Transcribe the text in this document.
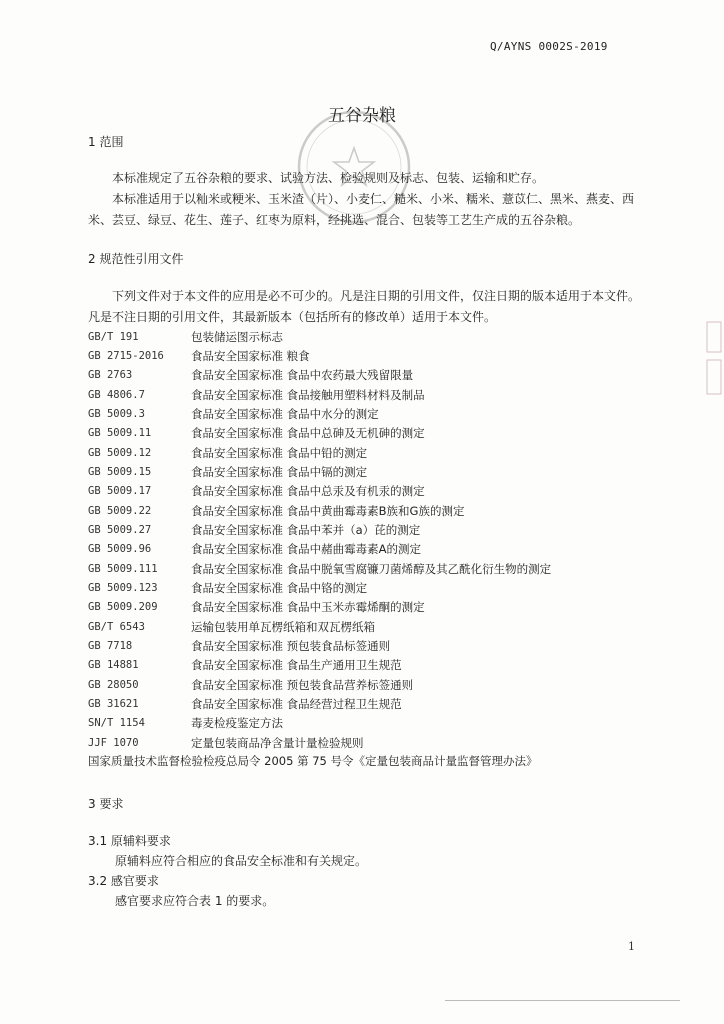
Q/AYNS 0002S-2019
五谷杂粮
1 范围
本标准规定了五谷杂粮的要求、试验方法、检验规则及标志、包装、运输和贮存。
本标准适用于以籼米或粳米、玉米渣（片）、小麦仁、糙米、小米、糯米、薏苡仁、黑米、燕麦、西米、芸豆、绿豆、花生、莲子、红枣为原料，经挑选、混合、包装等工艺生产成的五谷杂粮。
2 规范性引用文件
下列文件对于本文件的应用是必不可少的。凡是注日期的引用文件，仅注日期的版本适用于本文件。凡是不注日期的引用文件，其最新版本（包括所有的修改单）适用于本文件。
GB/T 191	包装储运图示标志
GB 2715-2016	食品安全国家标准 粮食
GB 2763	食品安全国家标准 食品中农药最大残留限量
GB 4806.7	食品安全国家标准 食品接触用塑料材料及制品
GB 5009.3	食品安全国家标准 食品中水分的测定
GB 5009.11	食品安全国家标准 食品中总砷及无机砷的测定
GB 5009.12	食品安全国家标准 食品中铅的测定
GB 5009.15	食品安全国家标准 食品中镉的测定
GB 5009.17	食品安全国家标准 食品中总汞及有机汞的测定
GB 5009.22	食品安全国家标准 食品中黄曲霉毒素B族和G族的测定
GB 5009.27	食品安全国家标准 食品中苯并（a）芘的测定
GB 5009.96	食品安全国家标准 食品中赭曲霉毒素A的测定
GB 5009.111	食品安全国家标准 食品中脱氧雪腐镰刀菌烯醇及其乙酰化衍生物的测定
GB 5009.123	食品安全国家标准 食品中铬的测定
GB 5009.209	食品安全国家标准 食品中玉米赤霉烯酮的测定
GB/T 6543	运输包装用单瓦楞纸箱和双瓦楞纸箱
GB 7718	食品安全国家标准 预包装食品标签通则
GB 14881	食品安全国家标准 食品生产通用卫生规范
GB 28050	食品安全国家标准 预包装食品营养标签通则
GB 31621	食品安全国家标准 食品经营过程卫生规范
SN/T 1154	毒麦检疫鉴定方法
JJF 1070	定量包装商品净含量计量检验规则
国家质量技术监督检验检疫总局令 2005 第 75 号令《定量包装商品计量监督管理办法》
3 要求
3.1 原辅料要求
原辅料应符合相应的食品安全标准和有关规定。
3.2 感官要求
感官要求应符合表 1 的要求。
1
